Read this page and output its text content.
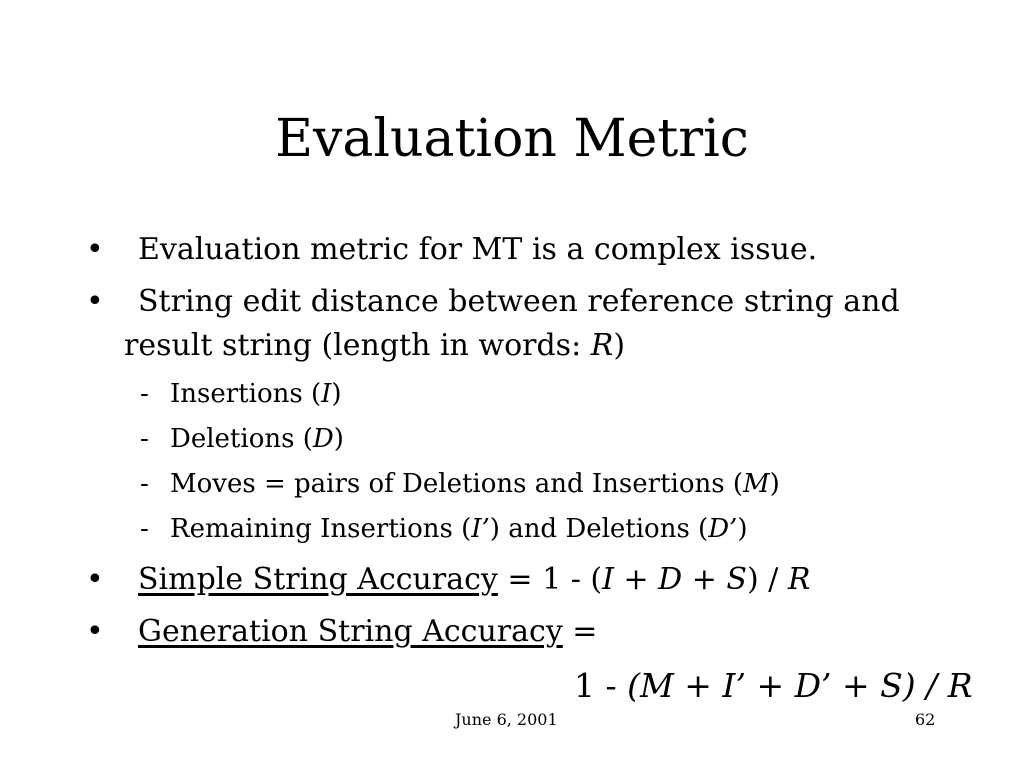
Evaluation Metric
•	Evaluation metric for MT is a complex issue.
•	String edit distance between reference string and
result string (length in words: R)
- Insertions (I)
- Deletions (D)
- Moves = pairs of Deletions and Insertions (M)
- Remaining Insertions (I’) and Deletions (D’)
•	Simple String Accuracy = 1 - (I + D + S) / R
•	Generation String Accuracy =
1 - (M + I’ + D’ + S) / R
June 6, 2001	62
